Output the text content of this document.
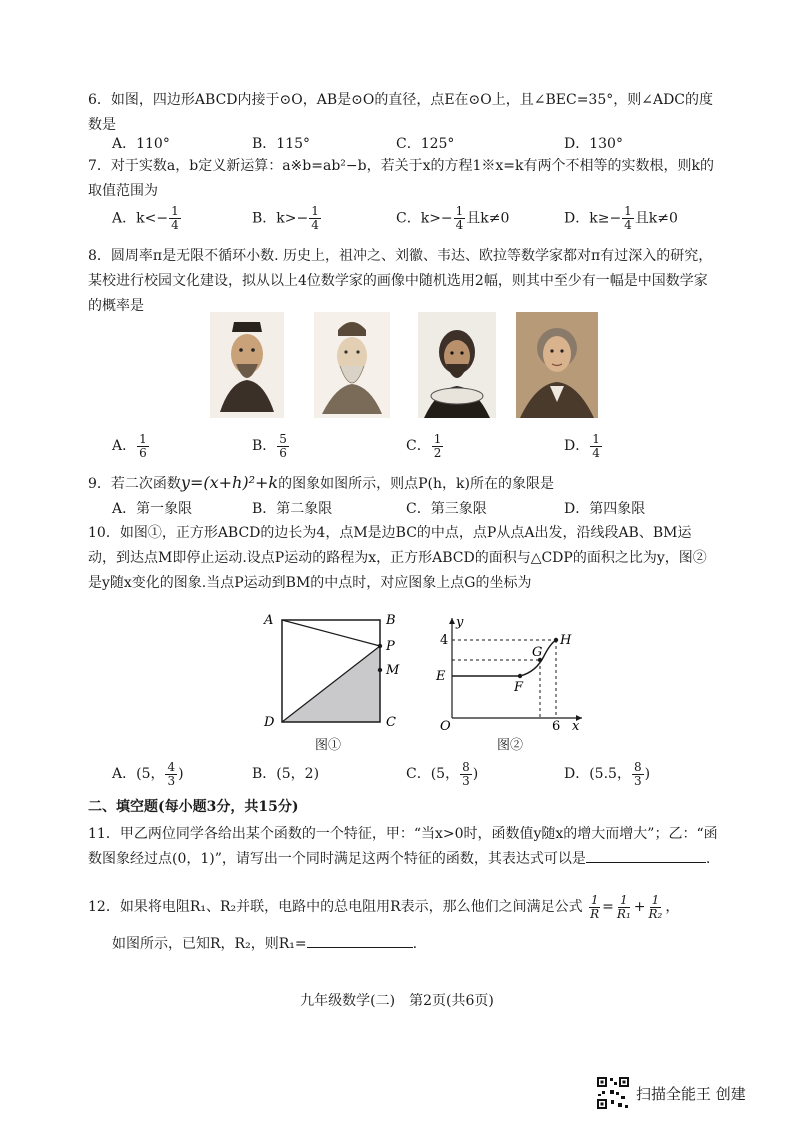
6．如图，四边形ABCD内接于⊙O，AB是⊙O的直径，点E在⊙O上，且∠BEC=35°，则∠ADC的度数是
A．110°	B．115°	C．125°	D．130°
7．对于实数a，b定义新运算：a※b=ab²−b，若关于x的方程1※x=k有两个不相等的实数根，则k的取值范围为
A．$k<- \frac{1}{4}$	B．$k>- \frac{1}{4}$	C．$k>- \frac{1}{4}$ 且k≠0	D．$k\ge- \frac{1}{4}$ 且k≠0
8．圆周率π是无限不循环小数. 历史上，祖冲之、刘徽、韦达、欧拉等数学家都对π有过深入的研究，某校进行校园文化建设，拟从以上4位数学家的画像中随机选用2幅，则其中至少有一幅是中国数学家的概率是
A． $\frac{1}{6}$	B． $\frac{5}{6}$	C． $\frac{1}{2}$	D． $\frac{1}{4}$
9．若二次函数y=(x+h)²+k的图象如图所示，则点P(h，k)所在的象限是
A．第一象限	B．第二象限	C．第三象限	D．第四象限
10．如图①，正方形ABCD的边长为4，点M是边BC的中点，点P从点A出发，沿线段AB、BM运动，到达点M即停止运动.设点P运动的路程为x，正方形ABCD的面积与△CDP的面积之比为y，图②是y随x变化的图象.当点P运动到BM的中点时，对应图象上点G的坐标为
A	B
P
M
C
D
图①
y
x
O
E
4
6
F
G
H
图②
A．(5， $\frac{4}{3}$ )	B．(5，2)	C．(5， $\frac{8}{3}$ )	D．(5.5， $\frac{8}{3}$ )
二、填空题(每小题3分，共15分)
11．甲乙两位同学各给出某个函数的一个特征，甲：“当x>0时，函数值y随x的增大而增大”；乙：“函数图象经过点(0，1)”，请写出一个同时满足这两个特征的函数，其表达式可以是	.
12．如果将电阻R₁、R₂并联，电路中的总电阻用R表示，那么他们之间满足公式 $\frac{1}{R} = \frac{1}{\text{R₁}} + \frac{1}{\text{R₂}}$ ，
如图所示，已知R，R₂，则R₁=	.
九年级数学(二)　第2页(共6页)
扫描全能王 创建
